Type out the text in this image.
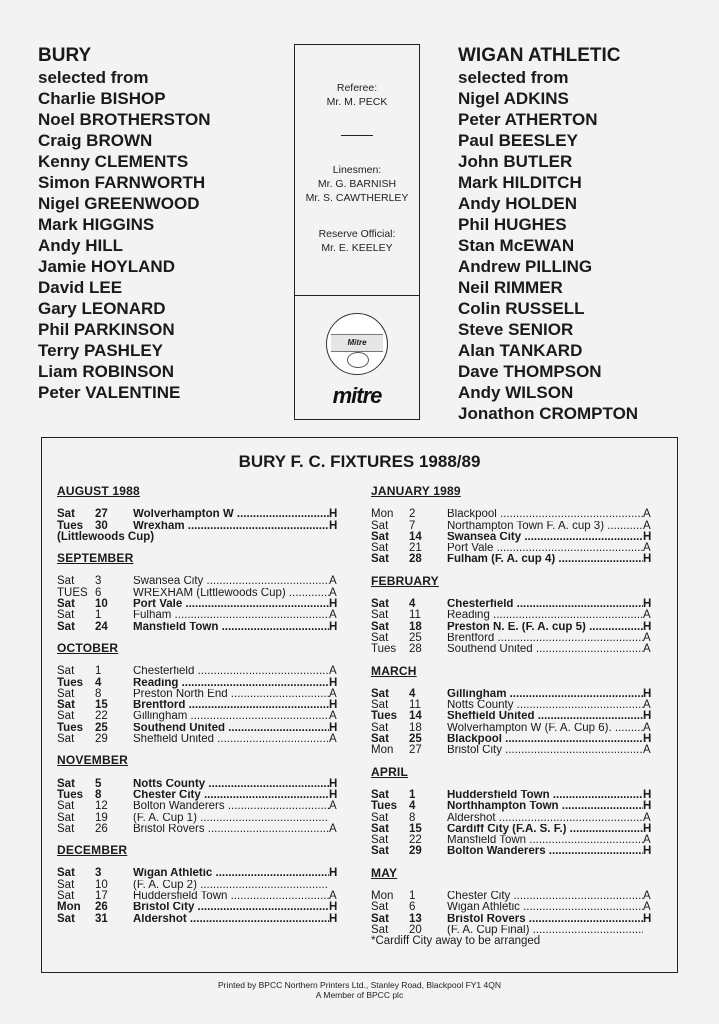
BURY
selected from
Charlie BISHOP
Noel BROTHERSTON
Craig BROWN
Kenny CLEMENTS
Simon FARNWORTH
Nigel GREENWOOD
Mark HIGGINS
Andy HILL
Jamie HOYLAND
David LEE
Gary LEONARD
Phil PARKINSON
Terry PASHLEY
Liam ROBINSON
Peter VALENTINE
Referee:
Mr. M. PECK
Linesmen:
Mr. G. BARNISH
Mr. S. CAWTHERLEY
Reserve Official:
Mr. E. KEELEY
Mitre
mitre
WIGAN ATHLETIC
selected from
Nigel ADKINS
Peter ATHERTON
Paul BEESLEY
John BUTLER
Mark HILDITCH
Andy HOLDEN
Phil HUGHES
Stan McEWAN
Andrew PILLING
Neil RIMMER
Colin RUSSELL
Steve SENIOR
Alan TANKARD
Dave THOMPSON
Andy WILSON
Jonathon CROMPTON
BURY F. C. FIXTURES 1988/89
AUGUST 1988
Sat	27	Wolverhampton W .....	H
Tues	30	Wrexham .....	H
(Littlewoods Cup)
SEPTEMBER
Sat	3	Swansea City .....	A
TUES 6	WREXHAM (Littlewoods Cup) .....	A
Sat	10	Port Vale .....	H
Sat	1	Fulham .....	A
Sat	24	Mansfield Town .....	H
OCTOBER
Sat	1	Chesterfield .....	A
Tues	4	Reading .....	H
Sat	8	Preston North End .....	A
Sat	15	Brentford .....	H
Sat	22	Gillingham .....	A
Tues	25	Southend United .....	H
Sat	29	Sheffield United .....	A
NOVEMBER
Sat	5	Notts County .....	H
Tues	8	Chester City .....	H
Sat	12	Bolton Wanderers .....	A
Sat	19	(F. A. Cup 1) .....
Sat	26	Bristol Rovers .....	A
DECEMBER
Sat	3	Wigan Athletic .....	H
Sat	10	(F. A. Cup 2) .....
Sat	17	Huddersfield Town .....	A
Mon	26	Bristol City .....	H
Sat	31	Aldershot .....	H
JANUARY 1989
Mon	2	Blackpool .....	A
Sat	7	Northampton Town F. A. cup 3) .....	A
Sat	14	Swansea City .....	H
Sat	21	Port Vale .....	A
Sat	28	Fulham (F. A. cup 4) .....	H
FEBRUARY
Sat	4	Chesterfield .....	H
Sat	11	Reading .....	A
Sat	18	Preston N. E. (F. A. cup 5) .....	H
Sat	25	Brentford .....	A
Tues	28	Southend United .....	A
MARCH
Sat	4	Gillingham .....	H
Sat	11	Notts County .....	A
Tues	14	Sheffield United .....	H
Sat	18	Wolverhampton W (F. A. Cup 6). .....	A
Sat	25	Blackpool .....	H
Mon	27	Bristol City .....	A
APRIL
Sat	1	Huddersfield Town .....	H
Tues	4	Northhampton Town .....	H
Sat	8	Aldershot .....	A
Sat	15	Cardiff City (F.A. S. F.) .....	H
Sat	22	Mansfield Town .....	A
Sat	29	Bolton Wanderers .....	H
MAY
Mon	1	Chester City .....	A
Sat	6	Wigan Athletic .....	A
Sat	13	Bristol Rovers .....	H
Sat	20	(F. A. Cup Final) .....
*Cardiff City away to be arranged
Printed by BPCC Northern Printers Ltd., Stanley Road, Blackpool FY1 4QN
A Member of BPCC plc
